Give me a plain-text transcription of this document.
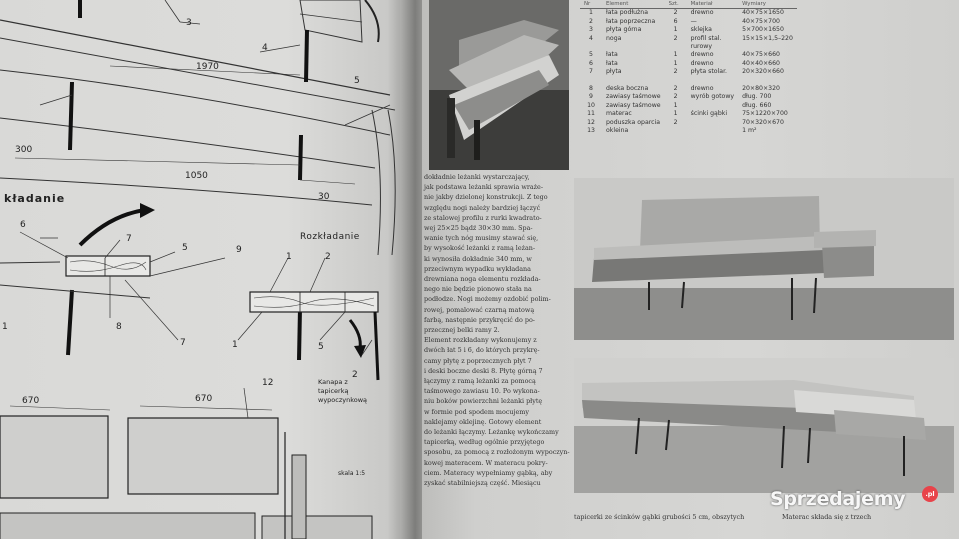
1970
300
1050
30
kładanie
Rozkładanie
670	670
Kanapa z tapicerką wypoczynkową
skala 1:5
3
4
5
6
7
5	9
8
7
1	2
1	5
2
12
1
Nr	Element	Szt.	Materiał	Wymiary
1	łata podłużna	2	drewno	40×75×1650
2	łata poprzeczna	6	—	40×75×700
3	płyta górna	1	sklejka	5×700×1650
4	noga	2	profil stal.	15×15×1,5–220
			rurowy	
5	łata	1	drewno	40×75×660
6	łata	1	drewno	40×40×660
7	płyta	2	płyta stolar.	20×320×660

8	deska boczna	2	drewno	20×80×320
9	zawiasy taśmowe	2	wyrób gotowy	dług. 700
10	zawiasy taśmowe	1		dług. 660
11	materac	1	ścinki gąbki	75×1220×700
12	poduszka oparcia	2		70×320×670
13	okleina			1 m²

dokładnie leżanki wystarczający,

jak podstawa leżanki sprawia wraże-

nie jakby dzielonej konstrukcji. Z tego

względu nogi należy bardziej łączyć

ze stalowej profilu z rurki kwadrato-

wej 25×25 bądź 30×30 mm. Spa-

wanie tych nóg musimy stawać się,

by wysokość leżanki z ramą leżan-

ki wynosiła dokładnie 340 mm, w

przeciwnym wypadku wykładana

drewniana noga elementu rozkłada-

nego nie będzie pionowo stała na

podłodze. Nogi możemy ozdobić polim-

rowej, pomalować czarną matową

farbą, następnie przykręcić do po-

przecznej belki ramy 2.

Element rozkładany wykonujemy z

dwóch łat 5 i 6, do których przykrę-

camy płytę z poprzecznych płyt 7

i deski boczne deski 8. Płytę górną 7

łączymy z ramą leżanki za pomocą

taśmowego zawiasu 10. Po wykona-

niu boków powierzchni leżanki płytę

w formie pod spodem mocujemy

naklejamy oklejinę. Gotowy element

do leżanki łączymy. Leżankę wykończamy

tapicerką, według ogólnie przyjętego

sposobu, za pomocą z rozłożonym wypoczyn-

kowej materacem. W materacu pokry-

ciem. Materacy wypełniamy gąbką, aby

zyskać stabilniejszą część. Miesiącu

tapicerki ze ścinków gąbki grubości 5 cm, obszytych	Materac składa się z trzech

Sprzedajemy	.pl
